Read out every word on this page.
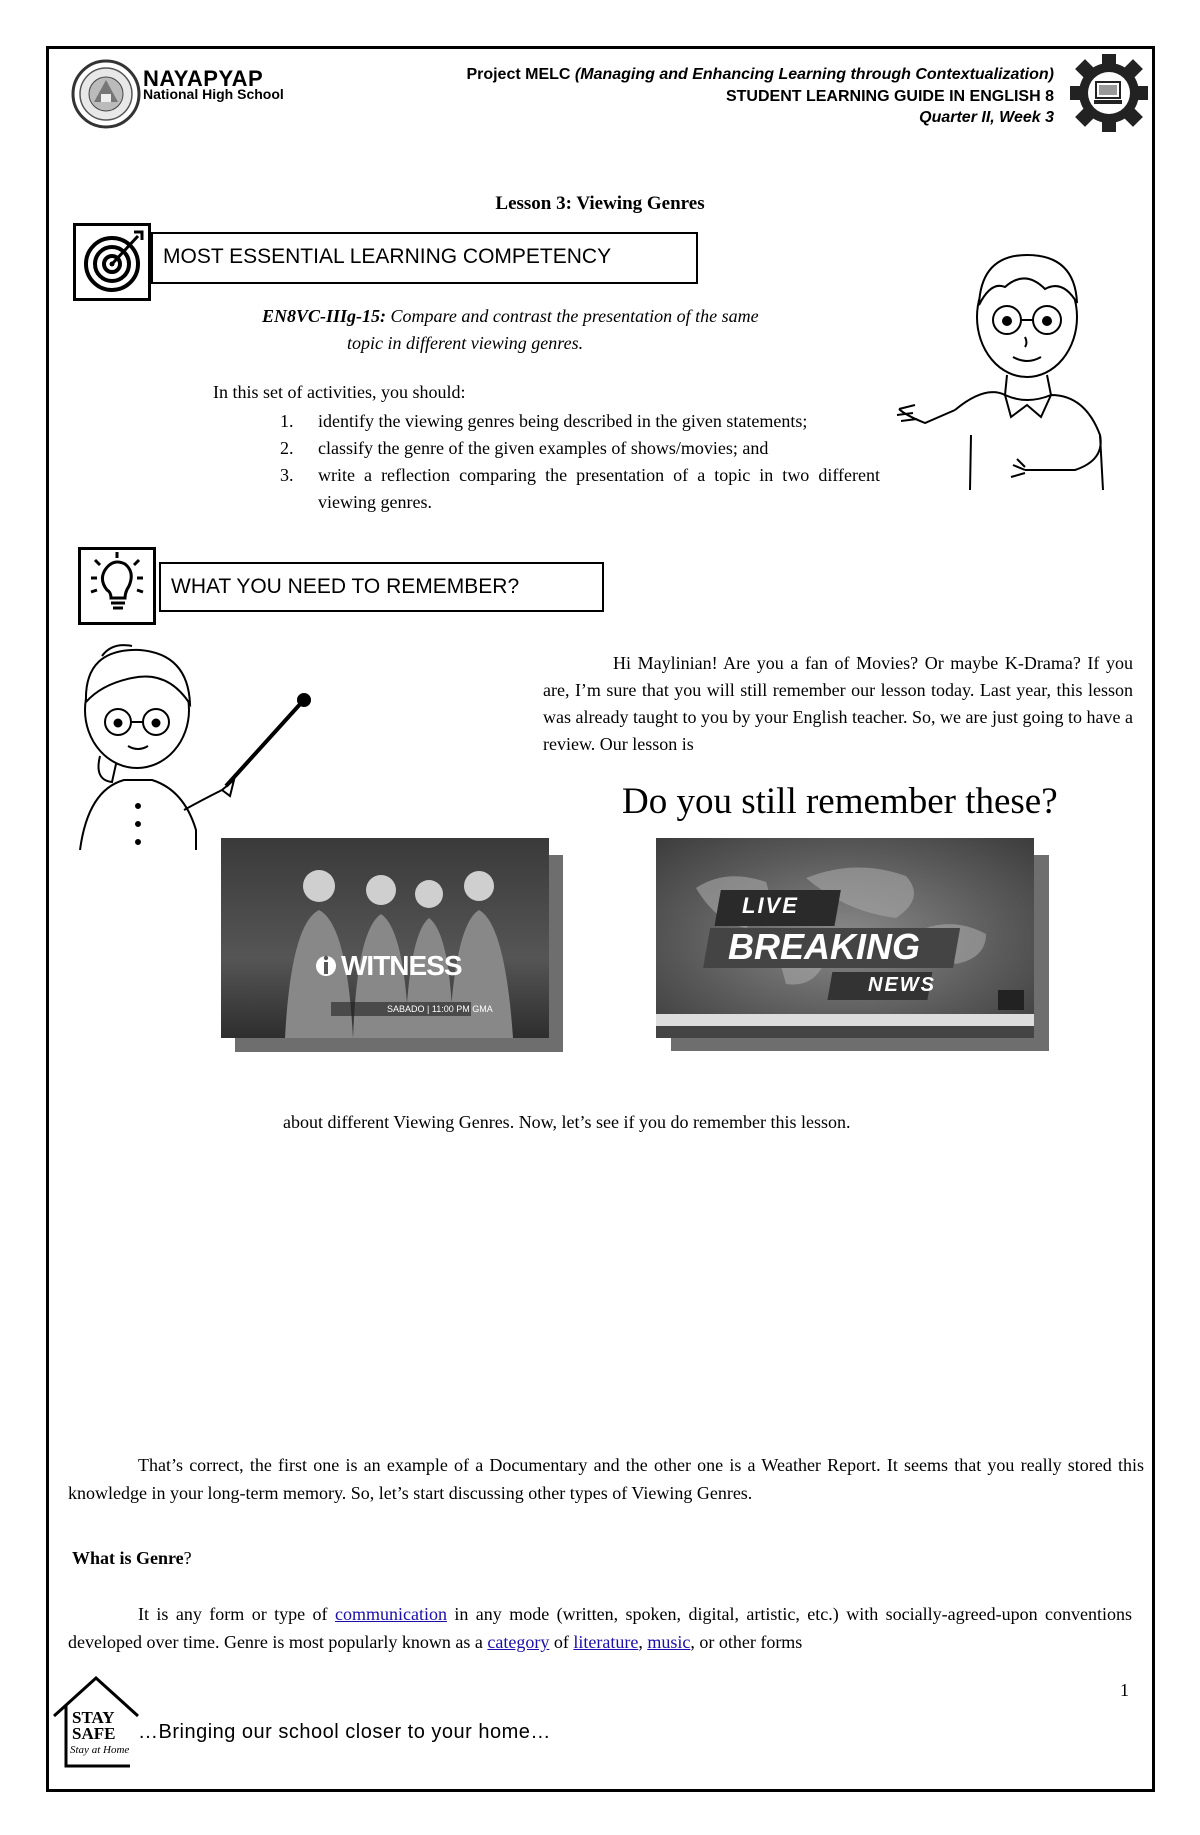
NAYAPYAP
National High School
Project MELC (Managing and Enhancing Learning through Contextualization)
STUDENT LEARNING GUIDE IN ENGLISH 8
Quarter II, Week 3
Lesson 3: Viewing Genres
MOST ESSENTIAL LEARNING COMPETENCY
EN8VC-IIIg-15: Compare and contrast the presentation of the same
topic in different viewing genres.
In this set of activities, you should:
1. identify the viewing genres being described in the given statements;
2. classify the genre of the given examples of shows/movies; and
3. write a reflection comparing the presentation of a topic in two different viewing genres.
WHAT YOU NEED TO REMEMBER?
Hi Maylinian! Are you a fan of Movies? Or maybe K-Drama? If you are, I’m sure that you will still remember our lesson today. Last year, this lesson was already taught to you by your English teacher. So, we are just going to have a review. Our lesson is
Do you still remember these?
WITNESS
SABADO | 11:00 PM GMA
LIVE
BREAKING
NEWS
about different Viewing Genres. Now, let’s see if you do remember this lesson.
That’s correct, the first one is an example of a Documentary and the other one is a Weather Report. It seems that you really stored this knowledge in your long-term memory. So, let’s start discussing other types of Viewing Genres.
What is Genre?
It is any form or type of communication in any mode (written, spoken, digital, artistic, etc.) with socially-agreed-upon conventions developed over time. Genre is most popularly known as a category of literature, music, or other forms
1
STAY
SAFE
Stay at Home
…Bringing our school closer to your home…
